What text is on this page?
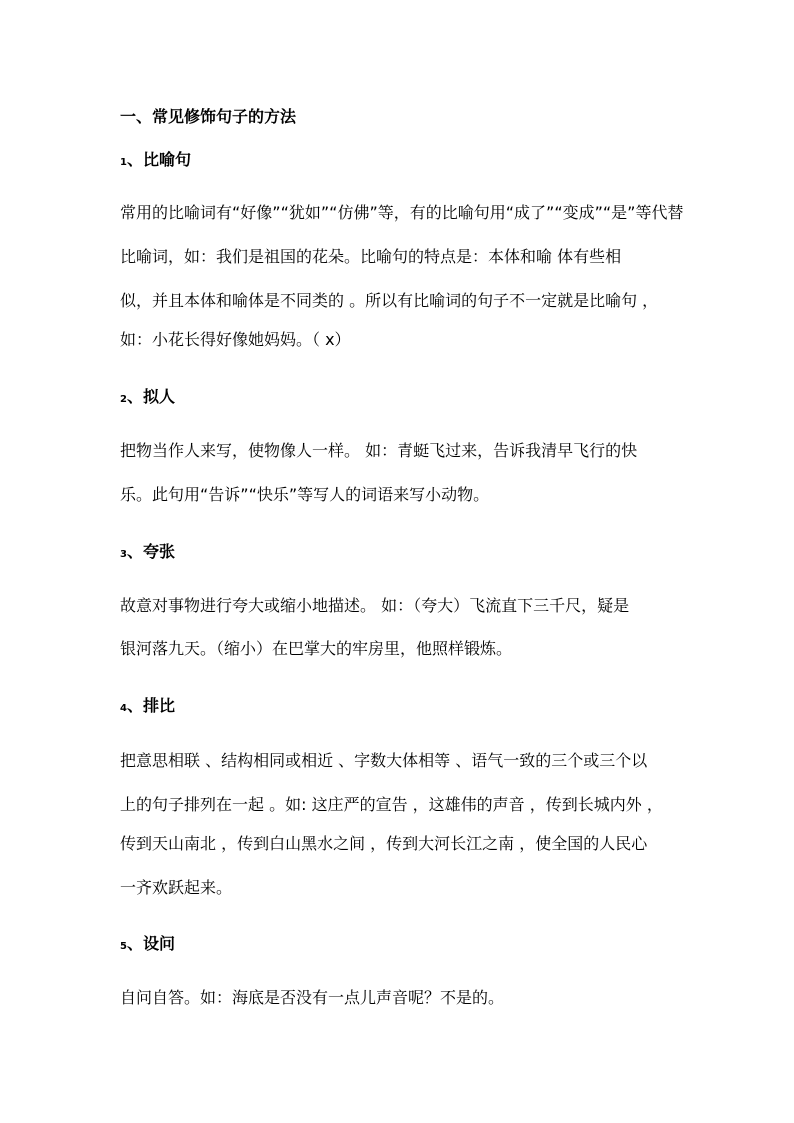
一、常见修饰句子的方法
1、比喻句
常用的比喻词有“好像”“犹如”“仿佛”等，有的比喻句用“成了”“变成”“是”等代替
比喻词，如：我们是祖国的花朵。比喻句的特点是：本体和喻 体有些相
似，并且本体和喻体是不同类的 。所以有比喻词的句子不一定就是比喻句 ，
如：小花长得好像她妈妈。（ x）
2、拟人
把物当作人来写，使物像人一样。 如：青蜓飞过来，告诉我清早飞行的快
乐。此句用“告诉”“快乐”等写人的词语来写小动物。
3、夸张
故意对事物进行夸大或缩小地描述。 如：（夸大）飞流直下三千尺，疑是
银河落九天。（缩小）在巴掌大的牢房里，他照样锻炼。
4、排比
把意思相联 、结构相同或相近 、字数大体相等 、语气一致的三个或三个以
上的句子排列在一起 。如: 这庄严的宣告 ，这雄伟的声音 ，传到长城内外 ，
传到天山南北 ，传到白山黑水之间 ，传到大河长江之南 ，使全国的人民心
一齐欢跃起来。
5、设问
自问自答。如：海底是否没有一点儿声音呢？不是的。
